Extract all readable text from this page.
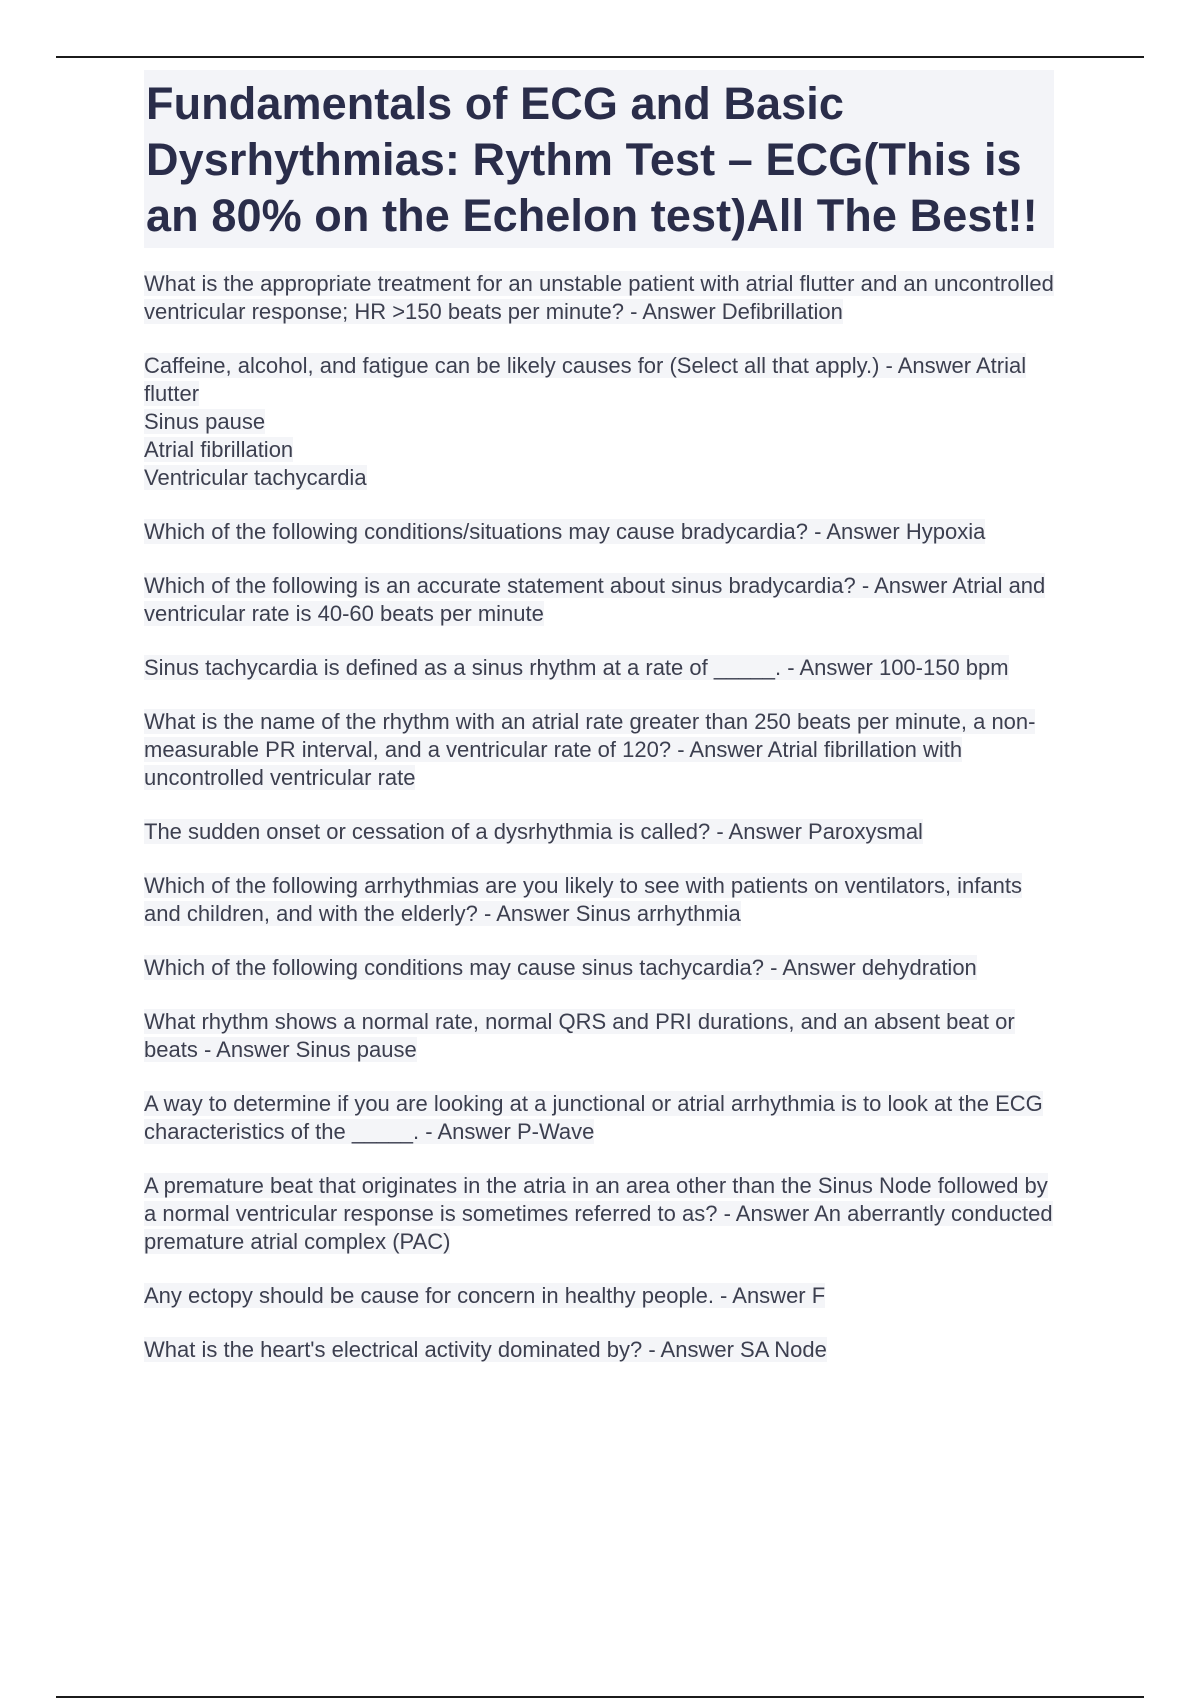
Fundamentals of ECG and Basic Dysrhythmias: Rythm Test – ECG(This is an 80% on the Echelon test)All The Best!!
What is the appropriate treatment for an unstable patient with atrial flutter and an uncontrolled ventricular response; HR >150 beats per minute? - Answer Defibrillation
Caffeine, alcohol, and fatigue can be likely causes for (Select all that apply.) - Answer Atrial flutter
Sinus pause
Atrial fibrillation
Ventricular tachycardia
Which of the following conditions/situations may cause bradycardia? - Answer Hypoxia
Which of the following is an accurate statement about sinus bradycardia? - Answer Atrial and ventricular rate is 40-60 beats per minute
Sinus tachycardia is defined as a sinus rhythm at a rate of _____. - Answer 100-150 bpm
What is the name of the rhythm with an atrial rate greater than 250 beats per minute, a non-measurable PR interval, and a ventricular rate of 120? - Answer Atrial fibrillation with uncontrolled ventricular rate
The sudden onset or cessation of a dysrhythmia is called? - Answer Paroxysmal
Which of the following arrhythmias are you likely to see with patients on ventilators, infants and children, and with the elderly? - Answer Sinus arrhythmia
Which of the following conditions may cause sinus tachycardia? - Answer dehydration
What rhythm shows a normal rate, normal QRS and PRI durations, and an absent beat or beats - Answer Sinus pause
A way to determine if you are looking at a junctional or atrial arrhythmia is to look at the ECG characteristics of the _____. - Answer P-Wave
A premature beat that originates in the atria in an area other than the Sinus Node followed by a normal ventricular response is sometimes referred to as? - Answer An aberrantly conducted premature atrial complex (PAC)
Any ectopy should be cause for concern in healthy people. - Answer F
What is the heart's electrical activity dominated by? - Answer SA Node
